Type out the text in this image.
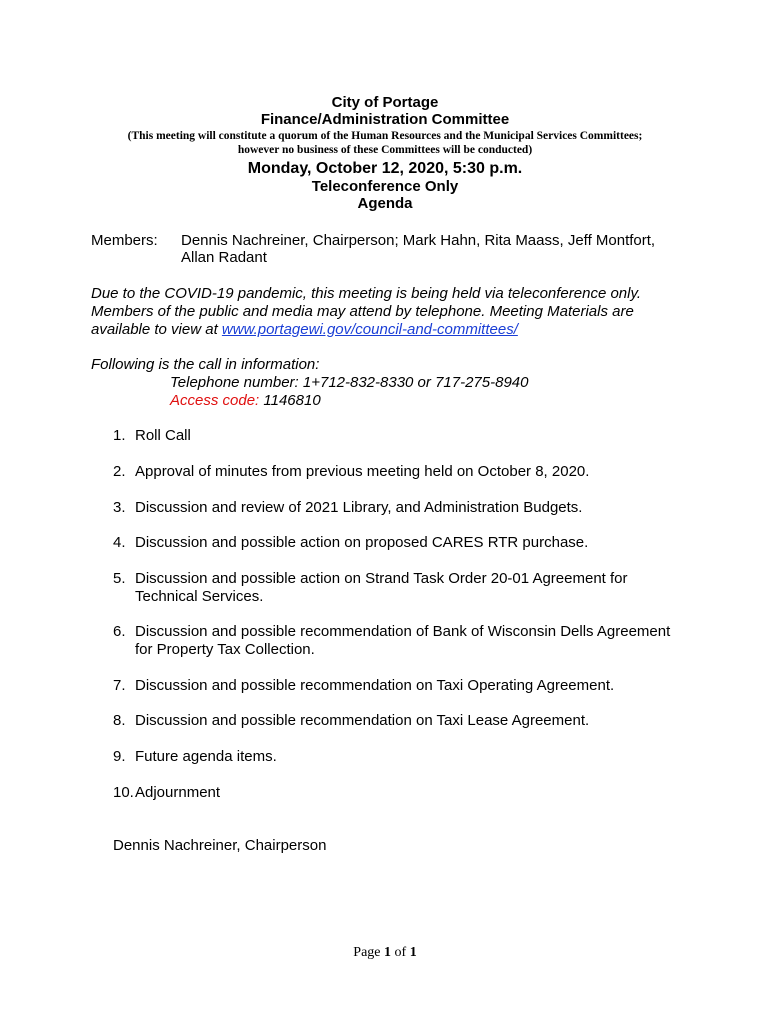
City of Portage
Finance/Administration Committee
(This meeting will constitute a quorum of the Human Resources and the Municipal Services Committees;
however no business of these Committees will be conducted)
Monday, October 12, 2020, 5:30 p.m.
Teleconference Only
Agenda
Members: Dennis Nachreiner, Chairperson; Mark Hahn, Rita Maass, Jeff Montfort,
Allan Radant
Due to the COVID-19 pandemic, this meeting is being held via teleconference only.
Members of the public and media may attend by telephone. Meeting Materials are
available to view at www.portagewi.gov/council-and-committees/
Following is the call in information:
Telephone number: 1+712-832-8330 or 717-275-8940
Access code: 1146810
1. Roll Call
2. Approval of minutes from previous meeting held on October 8, 2020.
3. Discussion and review of 2021 Library, and Administration Budgets.
4. Discussion and possible action on proposed CARES RTR purchase.
5. Discussion and possible action on Strand Task Order 20-01 Agreement for
Technical Services.
6. Discussion and possible recommendation of Bank of Wisconsin Dells Agreement
for Property Tax Collection.
7. Discussion and possible recommendation on Taxi Operating Agreement.
8. Discussion and possible recommendation on Taxi Lease Agreement.
9. Future agenda items.
10.Adjournment
Dennis Nachreiner, Chairperson
Page 1 of 1
